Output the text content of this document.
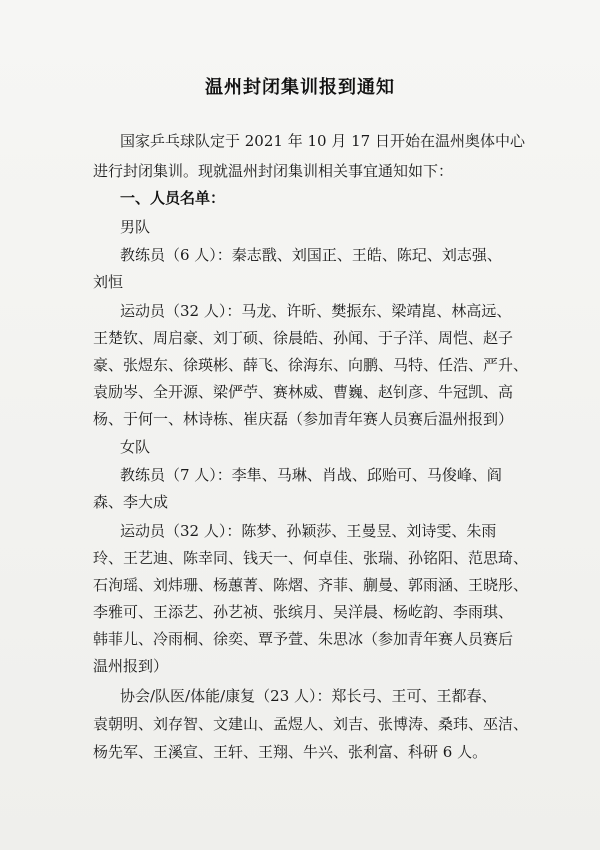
温州封闭集训报到通知
国家乒乓球队定于 2021 年 10 月 17 日开始在温州奥体中心
进行封闭集训。现就温州封闭集训相关事宜通知如下：
一、人员名单：
男队
教练员（6 人）：秦志戬、刘国正、王皓、陈玘、刘志强、
刘恒
运动员（32 人）：马龙、许昕、樊振东、梁靖崑、林高远、
王楚钦、周启豪、刘丁硕、徐晨皓、孙闻、于子洋、周恺、赵子
豪、张煜东、徐瑛彬、薛飞、徐海东、向鹏、马特、任浩、严升、
袁励岑、全开源、梁俨苧、赛林威、曹巍、赵钊彦、牛冠凯、高
杨、于何一、林诗栋、崔庆磊（参加青年赛人员赛后温州报到）
女队
教练员（7 人）：李隼、马琳、肖战、邱贻可、马俊峰、阎
森、李大成
运动员（32 人）：陈梦、孙颖莎、王曼昱、刘诗雯、朱雨
玲、王艺迪、陈幸同、钱天一、何卓佳、张瑞、孙铭阳、范思琦、
石洵瑶、刘炜珊、杨蕙菁、陈熠、齐菲、蒯曼、郭雨涵、王晓彤、
李雅可、王添艺、孙艺祯、张缤月、吴洋晨、杨屹韵、李雨琪、
韩菲儿、冷雨桐、徐奕、覃予萱、朱思冰（参加青年赛人员赛后
温州报到）
协会/队医/体能/康复（23 人）：郑长弓、王可、王都春、
袁朝明、刘存智、文建山、孟煜人、刘吉、张博涛、桑玮、巫洁、
杨先军、王溪宣、王轩、王翔、牛兴、张利富、科研 6 人。
